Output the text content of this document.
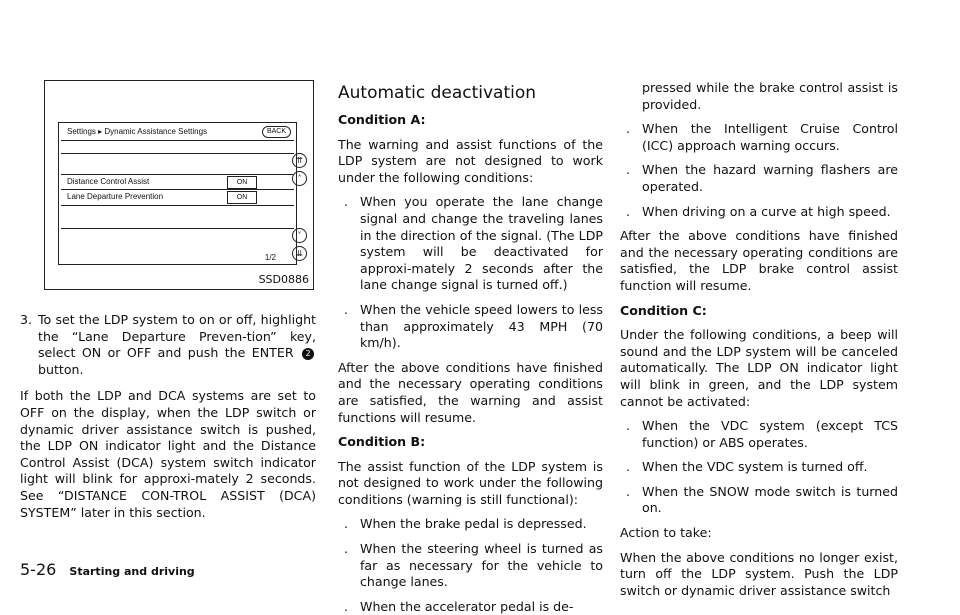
Settings ▸ Dynamic Assistance Settings	BACK
Distance Control Assist	ON
Lane Departure Prevention	ON
1/2
⇈
˄
˅
⇊
SSD0886

3. To set the LDP system to on or off, highlight the “Lane Departure Preven-tion” key, select ON or OFF and push the ENTER 2 button.

If both the LDP and DCA systems are set to OFF on the display, when the LDP switch or dynamic driver assistance switch is pushed, the LDP ON indicator light and the Distance Control Assist (DCA) system switch indicator light will blink for approxi-mately 2 seconds. See “DISTANCE CON-TROL ASSIST (DCA) SYSTEM” later in this section.

Automatic deactivation

Condition A:

The warning and assist functions of the LDP system are not designed to work under the following conditions:

. When you operate the lane change signal and change the traveling lanes in the direction of the signal. (The LDP system will be deactivated for approxi-mately 2 seconds after the lane change signal is turned off.)

. When the vehicle speed lowers to less than approximately 43 MPH (70 km/h).

After the above conditions have finished and the necessary operating conditions are satisfied, the warning and assist functions will resume.

Condition B:

The assist function of the LDP system is not designed to work under the following conditions (warning is still functional):

. When the brake pedal is depressed.

. When the steering wheel is turned as far as necessary for the vehicle to change lanes.

. When the accelerator pedal is de-

pressed while the brake control assist is provided.

. When the Intelligent Cruise Control (ICC) approach warning occurs.

. When the hazard warning flashers are operated.

. When driving on a curve at high speed.

After the above conditions have finished and the necessary operating conditions are satisfied, the LDP brake control assist function will resume.

Condition C:

Under the following conditions, a beep will sound and the LDP system will be canceled automatically. The LDP ON indicator light will blink in green, and the LDP system cannot be activated:

. When the VDC system (except TCS function) or ABS operates.

. When the VDC system is turned off.

. When the SNOW mode switch is turned on.

Action to take:

When the above conditions no longer exist, turn off the LDP system. Push the LDP switch or dynamic driver assistance switch

5-26 Starting and driving
